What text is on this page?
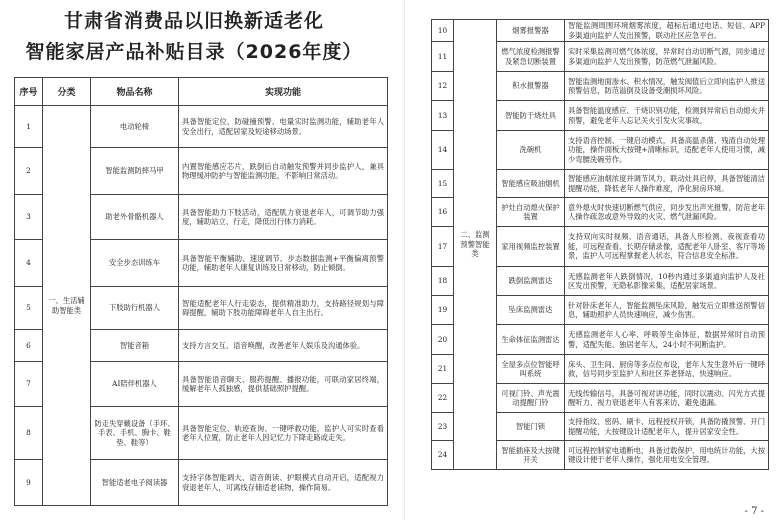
甘肃省消费品以旧换新适老化
智能家居产品补贴目录（2026年度）
序号	分类	物品名称	实现功能
1	一、生活辅助智能类	电动轮椅	具备智能定位、防碰撞预警、电量实时监测功能，辅助老年人安全出行，适配居家及短途移动场景。
2		智能监测防摔马甲	内置智能感应芯片，跌倒后自动触发预警并同步监护人，兼具物理缓冲防护与智能监测功能，不影响日常活动。
3		助老外骨骼机器人	具备智能助力下肢活动，适配肌力衰退老年人，可调节助力强度，辅助站立、行走，降低出行体力消耗。
4		安全步态训练车	具备智能平衡辅助、速度调节、步态数据监测+平衡偏离预警功能，辅助老年人康复训练及日常移动，防止倾倒。
5		下肢助行机器人	智能适配老年人行走姿态，提供精准助力，支持路径规划与障碍提醒，辅助下肢功能障碍老年人自主出行。
6		智能音箱	支持方言交互、语音唤醒，改善老年人娱乐及沟通体验。
7		AI陪伴机器人	具备智能语音聊天、服药提醒、播报功能，可联动家居终端，缓解老年人孤独感，提供基础照护提醒。
8		防走失穿戴设备（手环、手表、手机、胸卡、鞋垫、鞋等）	具备智能定位、轨迹查询、一键呼救功能，监护人可实时查看老年人位置，防止老年人因记忆力下降走路或走失。
9		智能适老电子阅读器	支持字体智能调大、语音朗读、护眼模式自动开启，适配视力衰退老年人，可离线存储适老读物，操作简易。
10	二、监测预警智能类	烟雾报警器	智能监测周围环境烟雾浓度，超标后通过电话、短信、APP多渠道向监护人发出预警，联动社区应急平台。
11		燃气浓度检测报警及紧急切断装置	实时采集监测可燃气体浓度，异常时自动切断气源，同步通过多渠道向监护人发出预警，防范燃气泄漏风险。
12		积水报警器	智能监测地面渗水、积水情况，触发阀值后立即向监护人推送预警信息，防范溢倒及设备受潮损坏风险。
13		智能防干烧灶具	具备智能温度感应、干烧识别功能，检测到异常后自动熄火并预警，避免老年人忘记关火引发火灾事故。
14		洗碗机	支持语音控制、一键启动模式，具备高温杀菌、残渣自动处理功能，操作面板大按键+清晰标识，适配老年人使用习惯，减少弯腰洗碗劳作。
15		智能感应吸油烟机	智能感应油烟浓度并调节风力，联动灶具启停，具备智能清洁提醒功能，降低老年人操作难度，净化厨房环境。
16		护灶自动熄火保护装置	意外熄火时快速切断燃气供应，同步发出声光报警，防范老年人操作疏忽或意外导致的火灾、燃气泄漏风险。
17		家用视频监控装置	支持双向实时视频、语音通话，具备人形检测、夜视查看功能，可远程查看、长期存储录像，适配老年人卧室、客厅等场景，监护人可远程掌握老人状态，符合信息安全标准。
18		跌倒监测雷达	无感监测老年人跌倒情况，10秒内通过多渠道向监护人及社区发出预警，无隐私影像采集，适配居家场景。
19		坠床监测雷达	针对卧床老年人，智能监测坠床风险，触发后立即推送预警信息，辅助照护人员快速响应，减少伤害。
20		生命体征监测雷达	无感监测老年人心率、呼吸等生命体征，数据异常时自动预警，适配失能、独居老年人，24小时不间断监护。
21		全屋多点位智能呼叫系统	床头、卫生间、厨房等多点位布设，老年人发生意外后一键呼救，信号同步至监护人和社区养老驿站，快速响应。
22		可视门铃、声光震动提醒门铃	无线传输信号，具备可视对讲功能，同时以震动、闪光方式提醒听力、视力衰退老年人有客来访，避免遗漏。
23		智能门锁	支持指纹、密码、刷卡、远程授权开锁，具备防撬预警、开门提醒功能，大按键设计适配老年人，提升居家安全性。
24		智能插座及大按键开关	可远程控制家电通断电，具备过载保护、用电统计功能，大按键设计便于老年人操作，强化用电安全管理。
- 7 -
